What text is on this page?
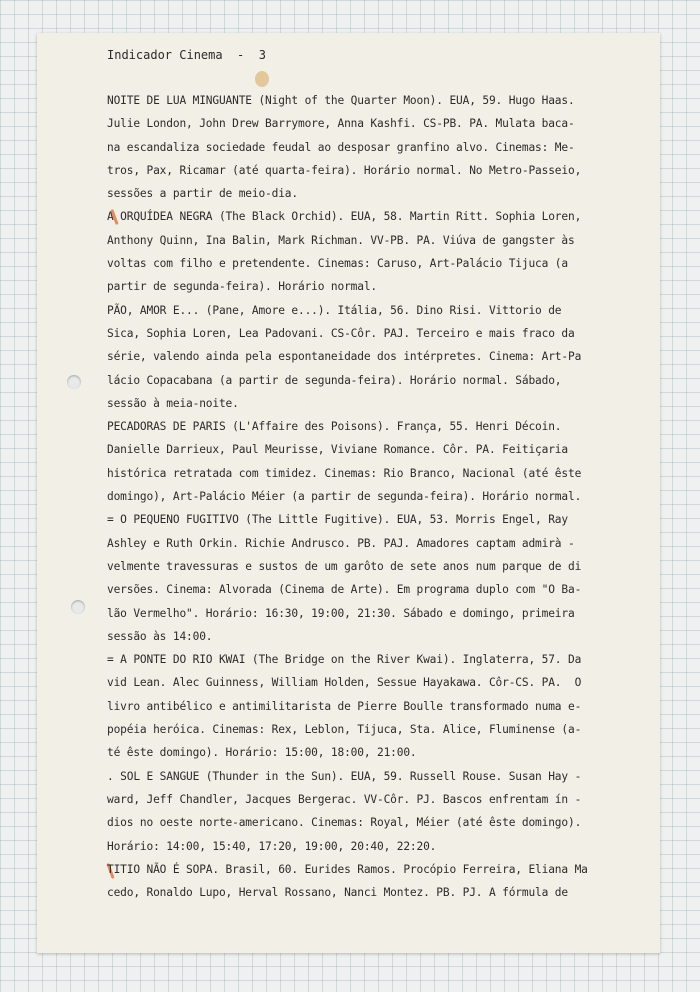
Indicador Cinema  -  3
NOITE DE LUA MINGUANTE (Night of the Quarter Moon). EUA, 59. Hugo Haas.
Julie London, John Drew Barrymore, Anna Kashfi. CS-PB. PA. Mulata baca-
na escandaliza sociedade feudal ao desposar granfino alvo. Cinemas: Me-
tros, Pax, Ricamar (até quarta-feira). Horário normal. No Metro-Passeio,
sessões a partir de meio-dia.
A ORQUÍDEA NEGRA (The Black Orchid). EUA, 58. Martin Ritt. Sophia Loren,
Anthony Quinn, Ina Balin, Mark Richman. VV-PB. PA. Viúva de gangster às
voltas com filho e pretendente. Cinemas: Caruso, Art-Palácio Tijuca (a
partir de segunda-feira). Horário normal.
PÃO, AMOR E... (Pane, Amore e...). Itália, 56. Dino Risi. Vittorio de
Sica, Sophia Loren, Lea Padovani. CS-Côr. PAJ. Terceiro e mais fraco da
série, valendo ainda pela espontaneidade dos intérpretes. Cinema: Art-Pa
lácio Copacabana (a partir de segunda-feira). Horário normal. Sábado,
sessão à meia-noite.
PECADORAS DE PARIS (L'Affaire des Poisons). França, 55. Henri Décoin.
Danielle Darrieux, Paul Meurisse, Viviane Romance. Côr. PA. Feitiçaria
histórica retratada com timidez. Cinemas: Rio Branco, Nacional (até êste
domingo), Art-Palácio Méier (a partir de segunda-feira). Horário normal.
= O PEQUENO FUGITIVO (The Little Fugitive). EUA, 53. Morris Engel, Ray
Ashley e Ruth Orkin. Richie Andrusco. PB. PAJ. Amadores captam admirà -
velmente travessuras e sustos de um garôto de sete anos num parque de di
versões. Cinema: Alvorada (Cinema de Arte). Em programa duplo com "O Ba-
lão Vermelho". Horário: 16:30, 19:00, 21:30. Sábado e domingo, primeira
sessão às 14:00.
= A PONTE DO RIO KWAI (The Bridge on the River Kwai). Inglaterra, 57. Da
vid Lean. Alec Guinness, William Holden, Sessue Hayakawa. Côr-CS. PA.  O
livro antibélico e antimilitarista de Pierre Boulle transformado numa e-
popéia heróica. Cinemas: Rex, Leblon, Tijuca, Sta. Alice, Fluminense (a-
té êste domingo). Horário: 15:00, 18:00, 21:00.
. SOL E SANGUE (Thunder in the Sun). EUA, 59. Russell Rouse. Susan Hay -
ward, Jeff Chandler, Jacques Bergerac. VV-Côr. PJ. Bascos enfrentam ín -
dios no oeste norte-americano. Cinemas: Royal, Méier (até êste domingo).
Horário: 14:00, 15:40, 17:20, 19:00, 20:40, 22:20.
TITIO NÃO É SOPA. Brasil, 60. Eurides Ramos. Procópio Ferreira, Eliana Ma
cedo, Ronaldo Lupo, Herval Rossano, Nanci Montez. PB. PJ. A fórmula de
